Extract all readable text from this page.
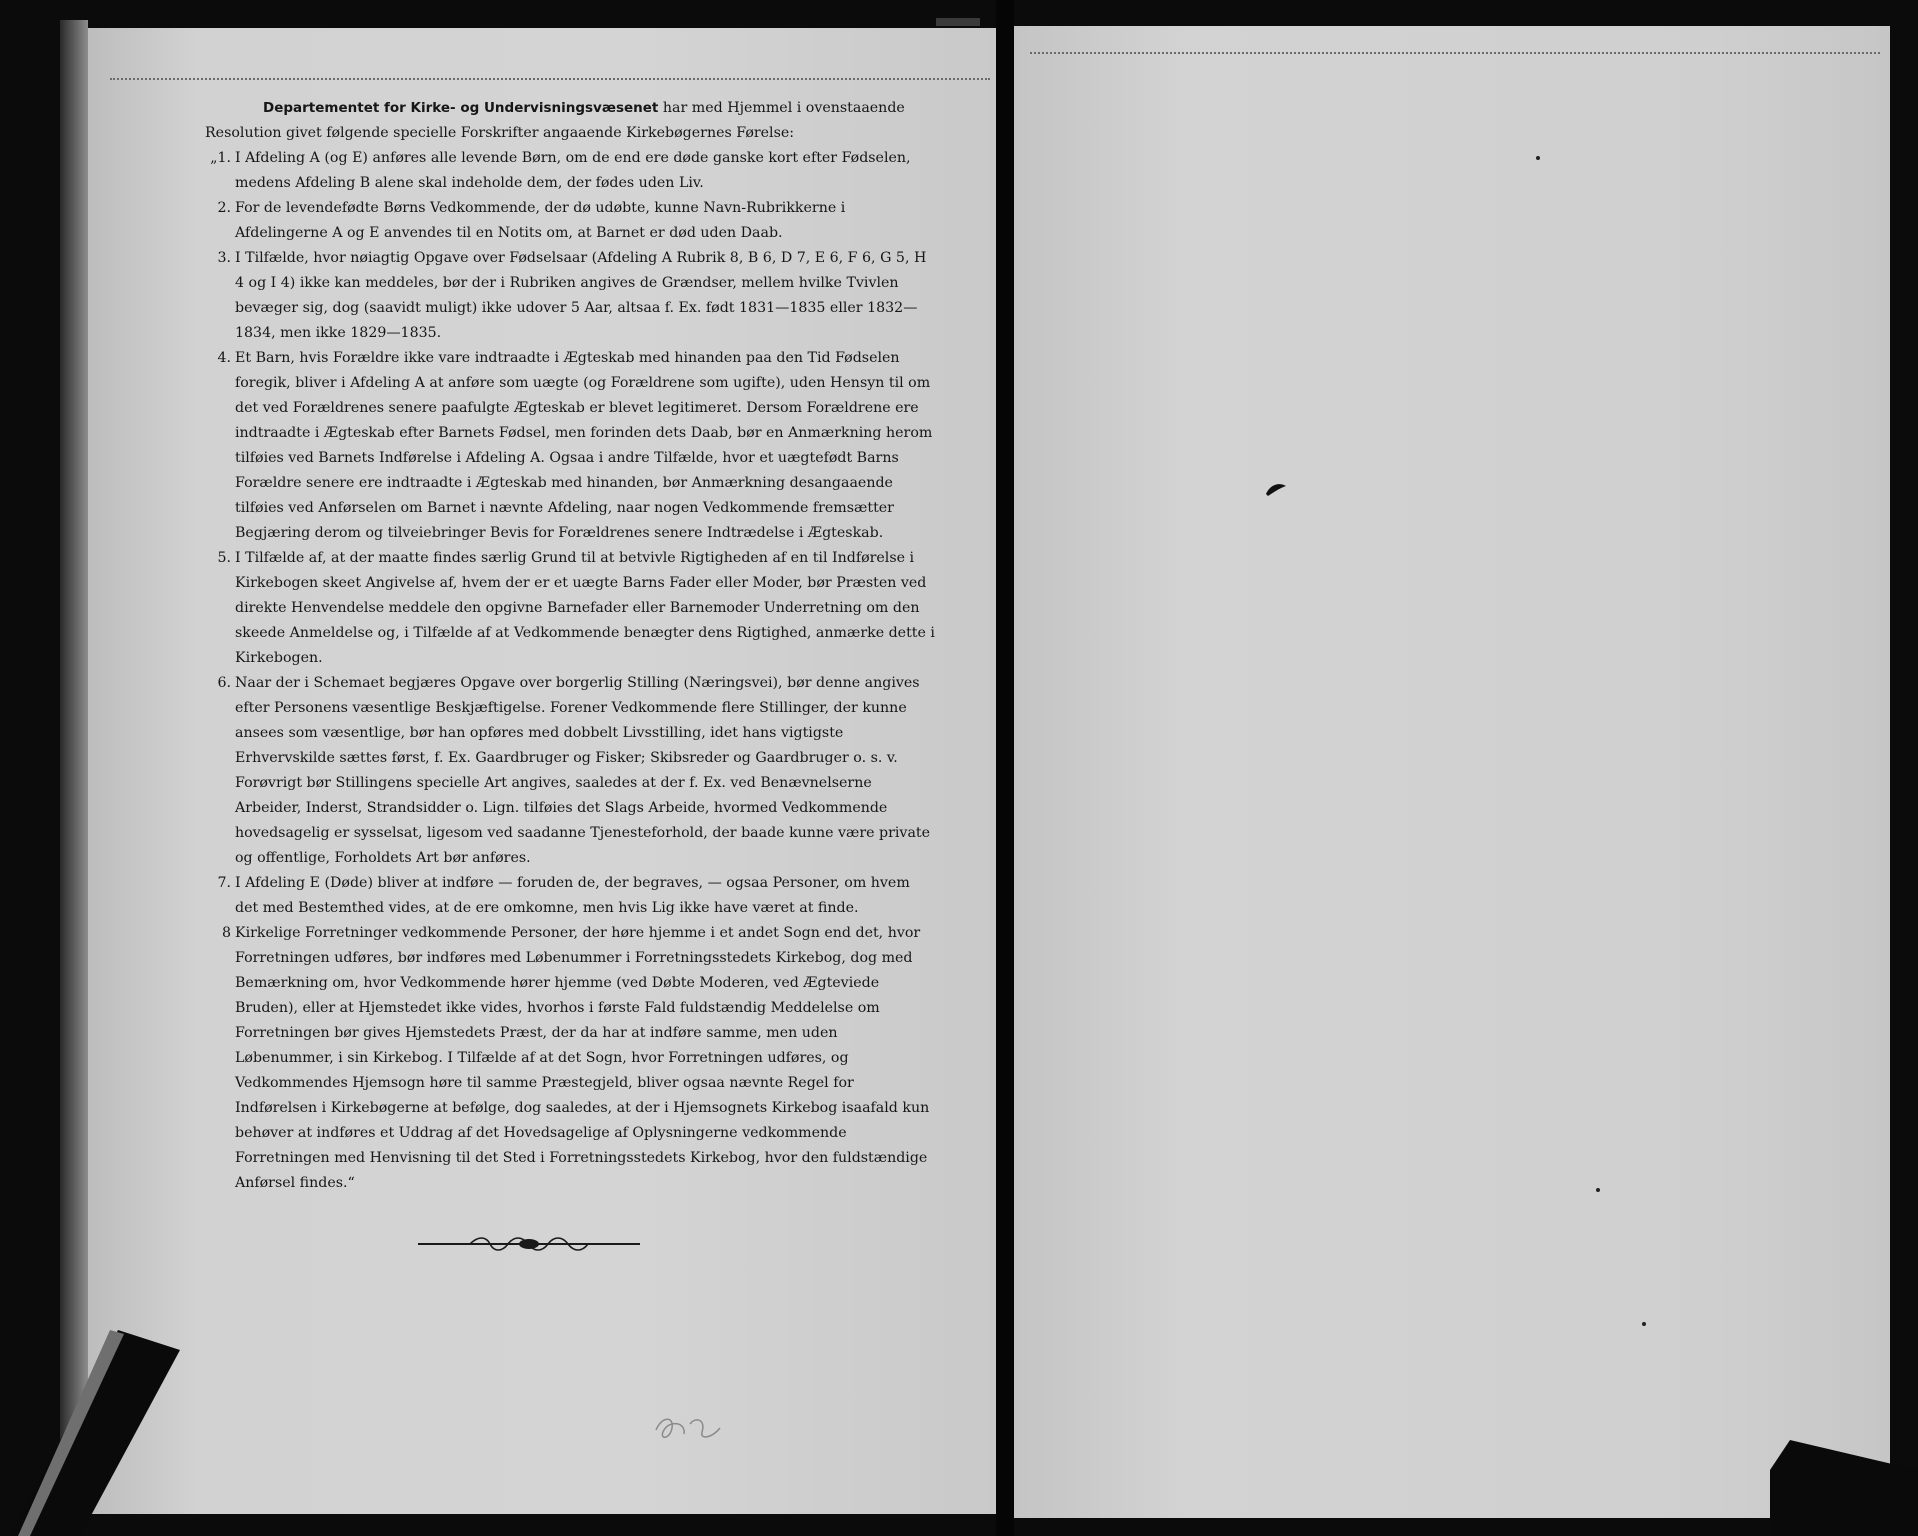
Departementet for Kirke- og Undervisningsvæsenet har med Hjemmel i ovenstaaende Resolution givet følgende specielle Forskrifter angaaende Kirkebøgernes Førelse:

„1. I Afdeling A (og E) anføres alle levende Børn, om de end ere døde ganske kort efter Fødselen, medens Afdeling B alene skal indeholde dem, der fødes uden Liv.

2. For de levendefødte Børns Vedkommende, der dø udøbte, kunne Navn-Rubrikkerne i Afdelingerne A og E anvendes til en Notits om, at Barnet er død uden Daab.

3. I Tilfælde, hvor nøiagtig Opgave over Fødselsaar (Afdeling A Rubrik 8, B 6, D 7, E 6, F 6, G 5, H 4 og I 4) ikke kan meddeles, bør der i Rubriken angives de Grændser, mellem hvilke Tvivlen bevæger sig, dog (saavidt muligt) ikke udover 5 Aar, altsaa f. Ex. født 1831—1835 eller 1832—1834, men ikke 1829—1835.

4. Et Barn, hvis Forældre ikke vare indtraadte i Ægteskab med hinanden paa den Tid Fødselen foregik, bliver i Afdeling A at anføre som uægte (og Forældrene som ugifte), uden Hensyn til om det ved Forældrenes senere paafulgte Ægteskab er blevet legitimeret. Dersom Forældrene ere indtraadte i Ægteskab efter Barnets Fødsel, men forinden dets Daab, bør en Anmærkning herom tilføies ved Barnets Indførelse i Afdeling A. Ogsaa i andre Tilfælde, hvor et uægtefødt Barns Forældre senere ere indtraadte i Ægteskab med hinanden, bør Anmærkning desangaaende tilføies ved Anførselen om Barnet i nævnte Afdeling, naar nogen Vedkommende fremsætter Begjæring derom og tilveiebringer Bevis for Forældrenes senere Indtrædelse i Ægteskab.

5. I Tilfælde af, at der maatte findes særlig Grund til at betvivle Rigtigheden af en til Indførelse i Kirkebogen skeet Angivelse af, hvem der er et uægte Barns Fader eller Moder, bør Præsten ved direkte Henvendelse meddele den opgivne Barnefader eller Barnemoder Underretning om den skeede Anmeldelse og, i Tilfælde af at Vedkommende benægter dens Rigtighed, anmærke dette i Kirkebogen.

6. Naar der i Schemaet begjæres Opgave over borgerlig Stilling (Næringsvei), bør denne angives efter Personens væsentlige Beskjæftigelse. Forener Vedkommende flere Stillinger, der kunne ansees som væsentlige, bør han opføres med dobbelt Livsstilling, idet hans vigtigste Erhvervskilde sættes først, f. Ex. Gaardbruger og Fisker; Skibsreder og Gaardbruger o. s. v. Forøvrigt bør Stillingens specielle Art angives, saaledes at der f. Ex. ved Benævnelserne Arbeider, Inderst, Strandsidder o. Lign. tilføies det Slags Arbeide, hvormed Vedkommende hovedsagelig er sysselsat, ligesom ved saadanne Tjenesteforhold, der baade kunne være private og offentlige, Forholdets Art bør anføres.

7. I Afdeling E (Døde) bliver at indføre — foruden de, der begraves, — ogsaa Personer, om hvem det med Bestemthed vides, at de ere omkomne, men hvis Lig ikke have været at finde.

8 Kirkelige Forretninger vedkommende Personer, der høre hjemme i et andet Sogn end det, hvor Forretningen udføres, bør indføres med Løbenummer i Forretningsstedets Kirkebog, dog med Bemærkning om, hvor Vedkommende hører hjemme (ved Døbte Moderen, ved Ægteviede Bruden), eller at Hjemstedet ikke vides, hvorhos i første Fald fuldstændig Meddelelse om Forretningen bør gives Hjemstedets Præst, der da har at indføre samme, men uden Løbenummer, i sin Kirkebog. I Tilfælde af at det Sogn, hvor Forretningen udføres, og Vedkommendes Hjemsogn høre til samme Præstegjeld, bliver ogsaa nævnte Regel for Indførelsen i Kirkebøgerne at befølge, dog saaledes, at der i Hjemsognets Kirkebog isaafald kun behøver at indføres et Uddrag af det Hovedsagelige af Oplysningerne vedkommende Forretningen med Henvisning til det Sted i Forretningsstedets Kirkebog, hvor den fuldstændige Anførsel findes.“
